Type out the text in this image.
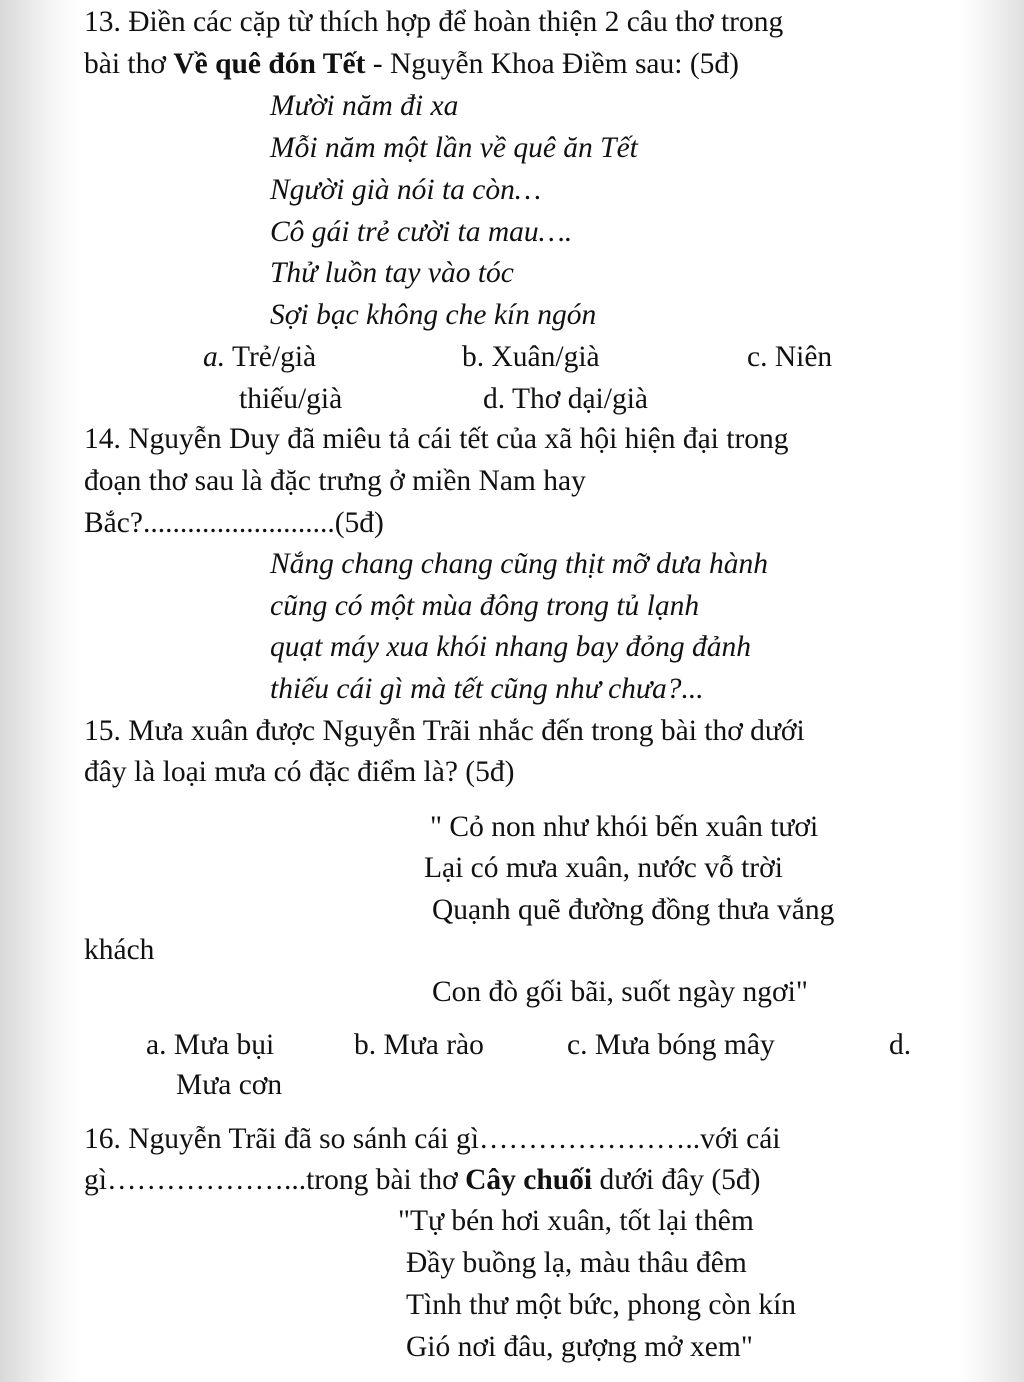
13. Điền các cặp từ thích hợp để hoàn thiện 2 câu thơ trong

bài thơ Về quê đón Tết - Nguyễn Khoa Điềm sau: (5đ)

Mười năm đi xa

Mỗi năm một lần về quê ăn Tết

Người già nói ta còn…

Cô gái trẻ cười ta mau….

Thử luồn tay vào tóc

Sợi bạc không che kín ngón

a. Trẻ/già	b. Xuân/già	c. Niên

thiếu/già	d. Thơ dại/già

14. Nguyễn Duy đã miêu tả cái tết của xã hội hiện đại trong

đoạn thơ sau là đặc trưng ở miền Nam hay

Bắc?..........................(5đ)

Nắng chang chang cũng thịt mỡ dưa hành

cũng có một mùa đông trong tủ lạnh

quạt máy xua khói nhang bay đỏng đảnh

thiếu cái gì mà tết cũng như chưa?...

15. Mưa xuân được Nguyễn Trãi nhắc đến trong bài thơ dưới

đây là loại mưa có đặc điểm là? (5đ)

" Cỏ non như khói bến xuân tươi

Lại có mưa xuân, nước vỗ trời

Quạnh quẽ đường đồng thưa vắng

khách

Con đò gối bãi, suốt ngày ngơi"

a. Mưa bụi	b. Mưa rào	c. Mưa bóng mây	d.

Mưa cơn

16. Nguyễn Trãi đã so sánh cái gì…………………..với cái

gì………………...trong bài thơ Cây chuối dưới đây (5đ)

"Tự bén hơi xuân, tốt lại thêm

Đầy buồng lạ, màu thâu đêm

Tình thư một bức, phong còn kín

Gió nơi đâu, gượng mở xem"
